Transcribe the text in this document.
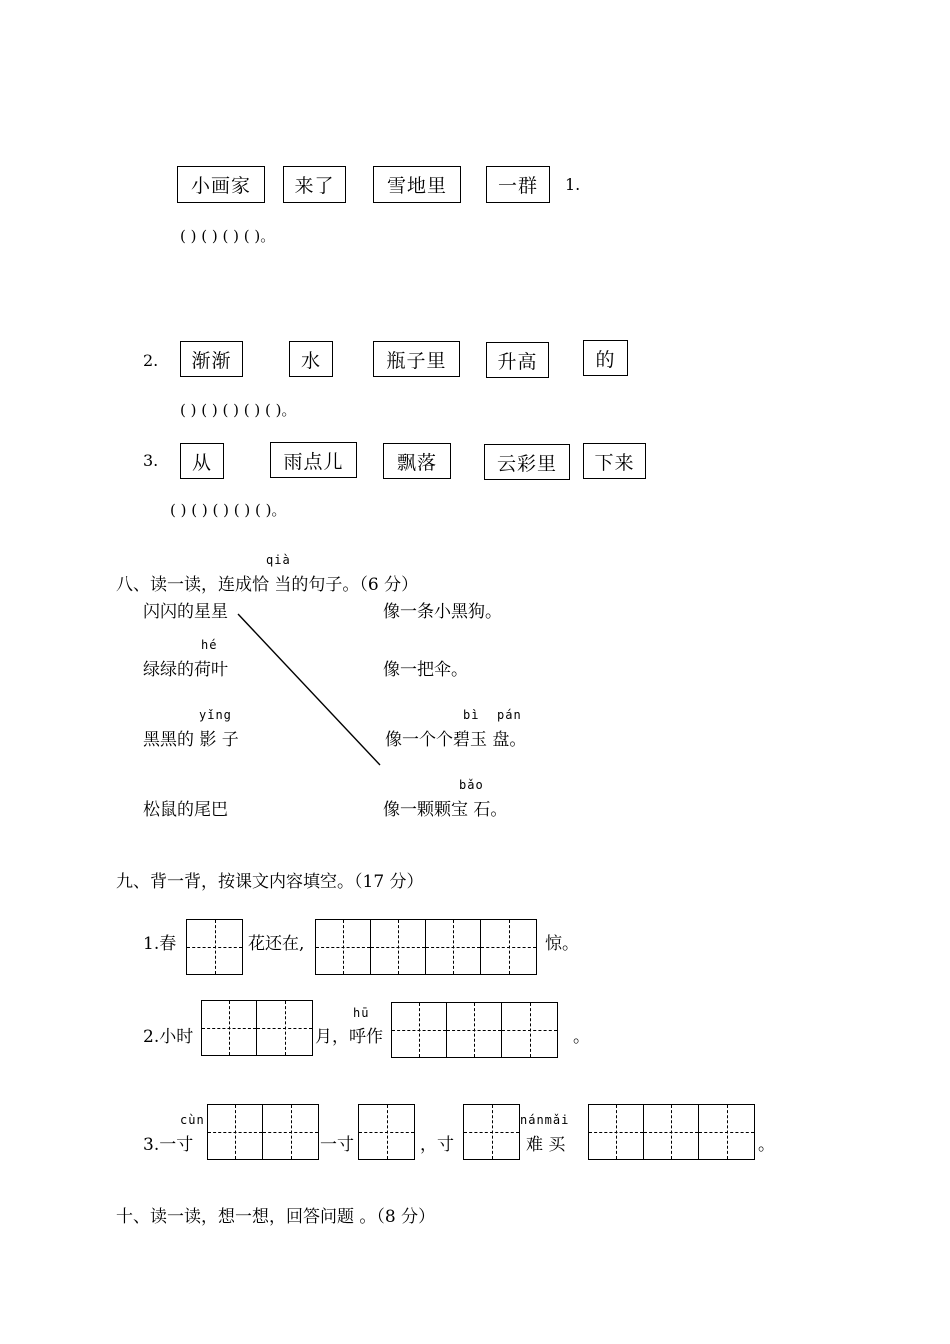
小画家	来了	雪地里	一群	1.
( ) ( ) ( ) ( )。
2.	渐渐	水	瓶子里	升高	的
( ) ( ) ( ) ( ) ( )。
3.	从	雨点儿	飘落	云彩里	下来
( ) ( ) ( ) ( ) ( )。
qià
八、读一读，连成恰 当的句子。（6 分）
闪闪的星星
hé
绿绿的荷叶
yǐng
黑黑的 影 子
松鼠的尾巴
像一条小黑狗。
像一把伞。
bì pán
像一个个碧玉 盘。
bǎo
像一颗颗宝 石。
九、背一背，按课文内容填空。（17 分）
1.春	花还在,	惊。
2.小时
hū
月，呼作	。
cùn
3.一寸	一寸	，寸
nánmǎi
难 买	。
十、读一读，想一想，回答问题 。（8 分）
